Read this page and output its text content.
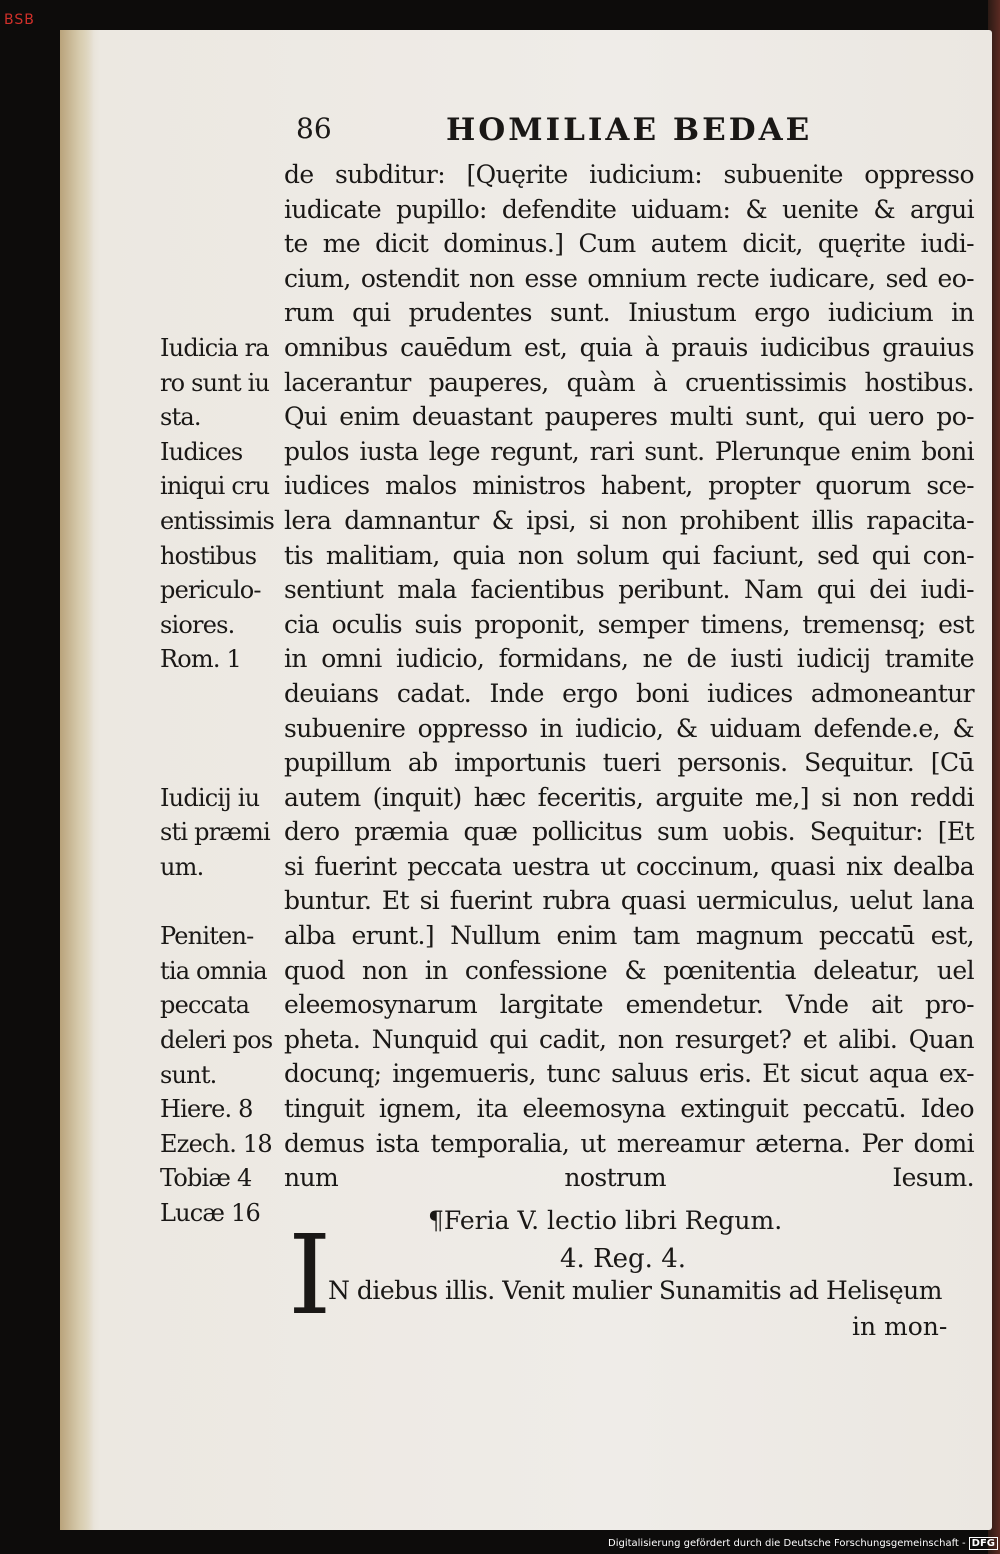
BSB
86	HOMILIAE BEDAE
de subditur: [Quęrite iudicium: subuenite oppresso
iudicate pupillo: defendite uiduam: & uenite & argui
te me dicit dominus.] Cum autem dicit, quęrite iudi-
cium, ostendit non esse omnium recte iudicare, sed eo-
rum qui prudentes sunt. Iniustum ergo iudicium in
omnibus cauēdum est, quia à prauis iudicibus grauius
lacerantur pauperes, quàm à cruentissimis hostibus.
Qui enim deuastant pauperes multi sunt, qui uero po-
pulos iusta lege regunt, rari sunt. Plerunque enim boni
iudices malos ministros habent, propter quorum sce-
lera damnantur & ipsi, si non prohibent illis rapacita-
tis malitiam, quia non solum qui faciunt, sed qui con-
sentiunt mala facientibus peribunt. Nam qui dei iudi-
cia oculis suis proponit, semper timens, tremensq; est
in omni iudicio, formidans, ne de iusti iudicij tramite
deuians cadat. Inde ergo boni iudices admoneantur
subuenire oppresso in iudicio, & uiduam defende.e, &
pupillum ab importunis tueri personis. Sequitur. [Cū
autem (inquit) hæc feceritis, arguite me,] si non reddi
dero præmia quæ pollicitus sum uobis. Sequitur: [Et
si fuerint peccata uestra ut coccinum, quasi nix dealba
buntur. Et si fuerint rubra quasi uermiculus, uelut lana
alba erunt.] Nullum enim tam magnum peccatū est,
quod non in confessione & pœnitentia deleatur, uel
eleemosynarum largitate emendetur. Vnde ait pro-
pheta. Nunquid qui cadit, non resurget? et alibi. Quan
docunq; ingemueris, tunc saluus eris. Et sicut aqua ex-
tinguit ignem, ita eleemosyna extinguit peccatū. Ideo
demus ista temporalia, ut mereamur æterna. Per domi
num nostrum Iesum.
Iudicia ra
ro sunt iu
sta.
Iudices
iniqui cru
entissimis
hostibus
periculo-
siores.
Rom. 1
Iudicij iu
sti præmi
um.
Peniten-
tia omnia
peccata
deleri pos
sunt.
Hiere. 8
Ezech. 18
Tobiæ 4
Lucæ 16	¶Feria V. lectio libri Regum.
4. Reg. 4.
I
N diebus illis. Venit mulier Sunamitis ad Helisęum
in mon-
Digitalisierung gefördert durch die Deutsche Forschungsgemeinschaft - DFG
